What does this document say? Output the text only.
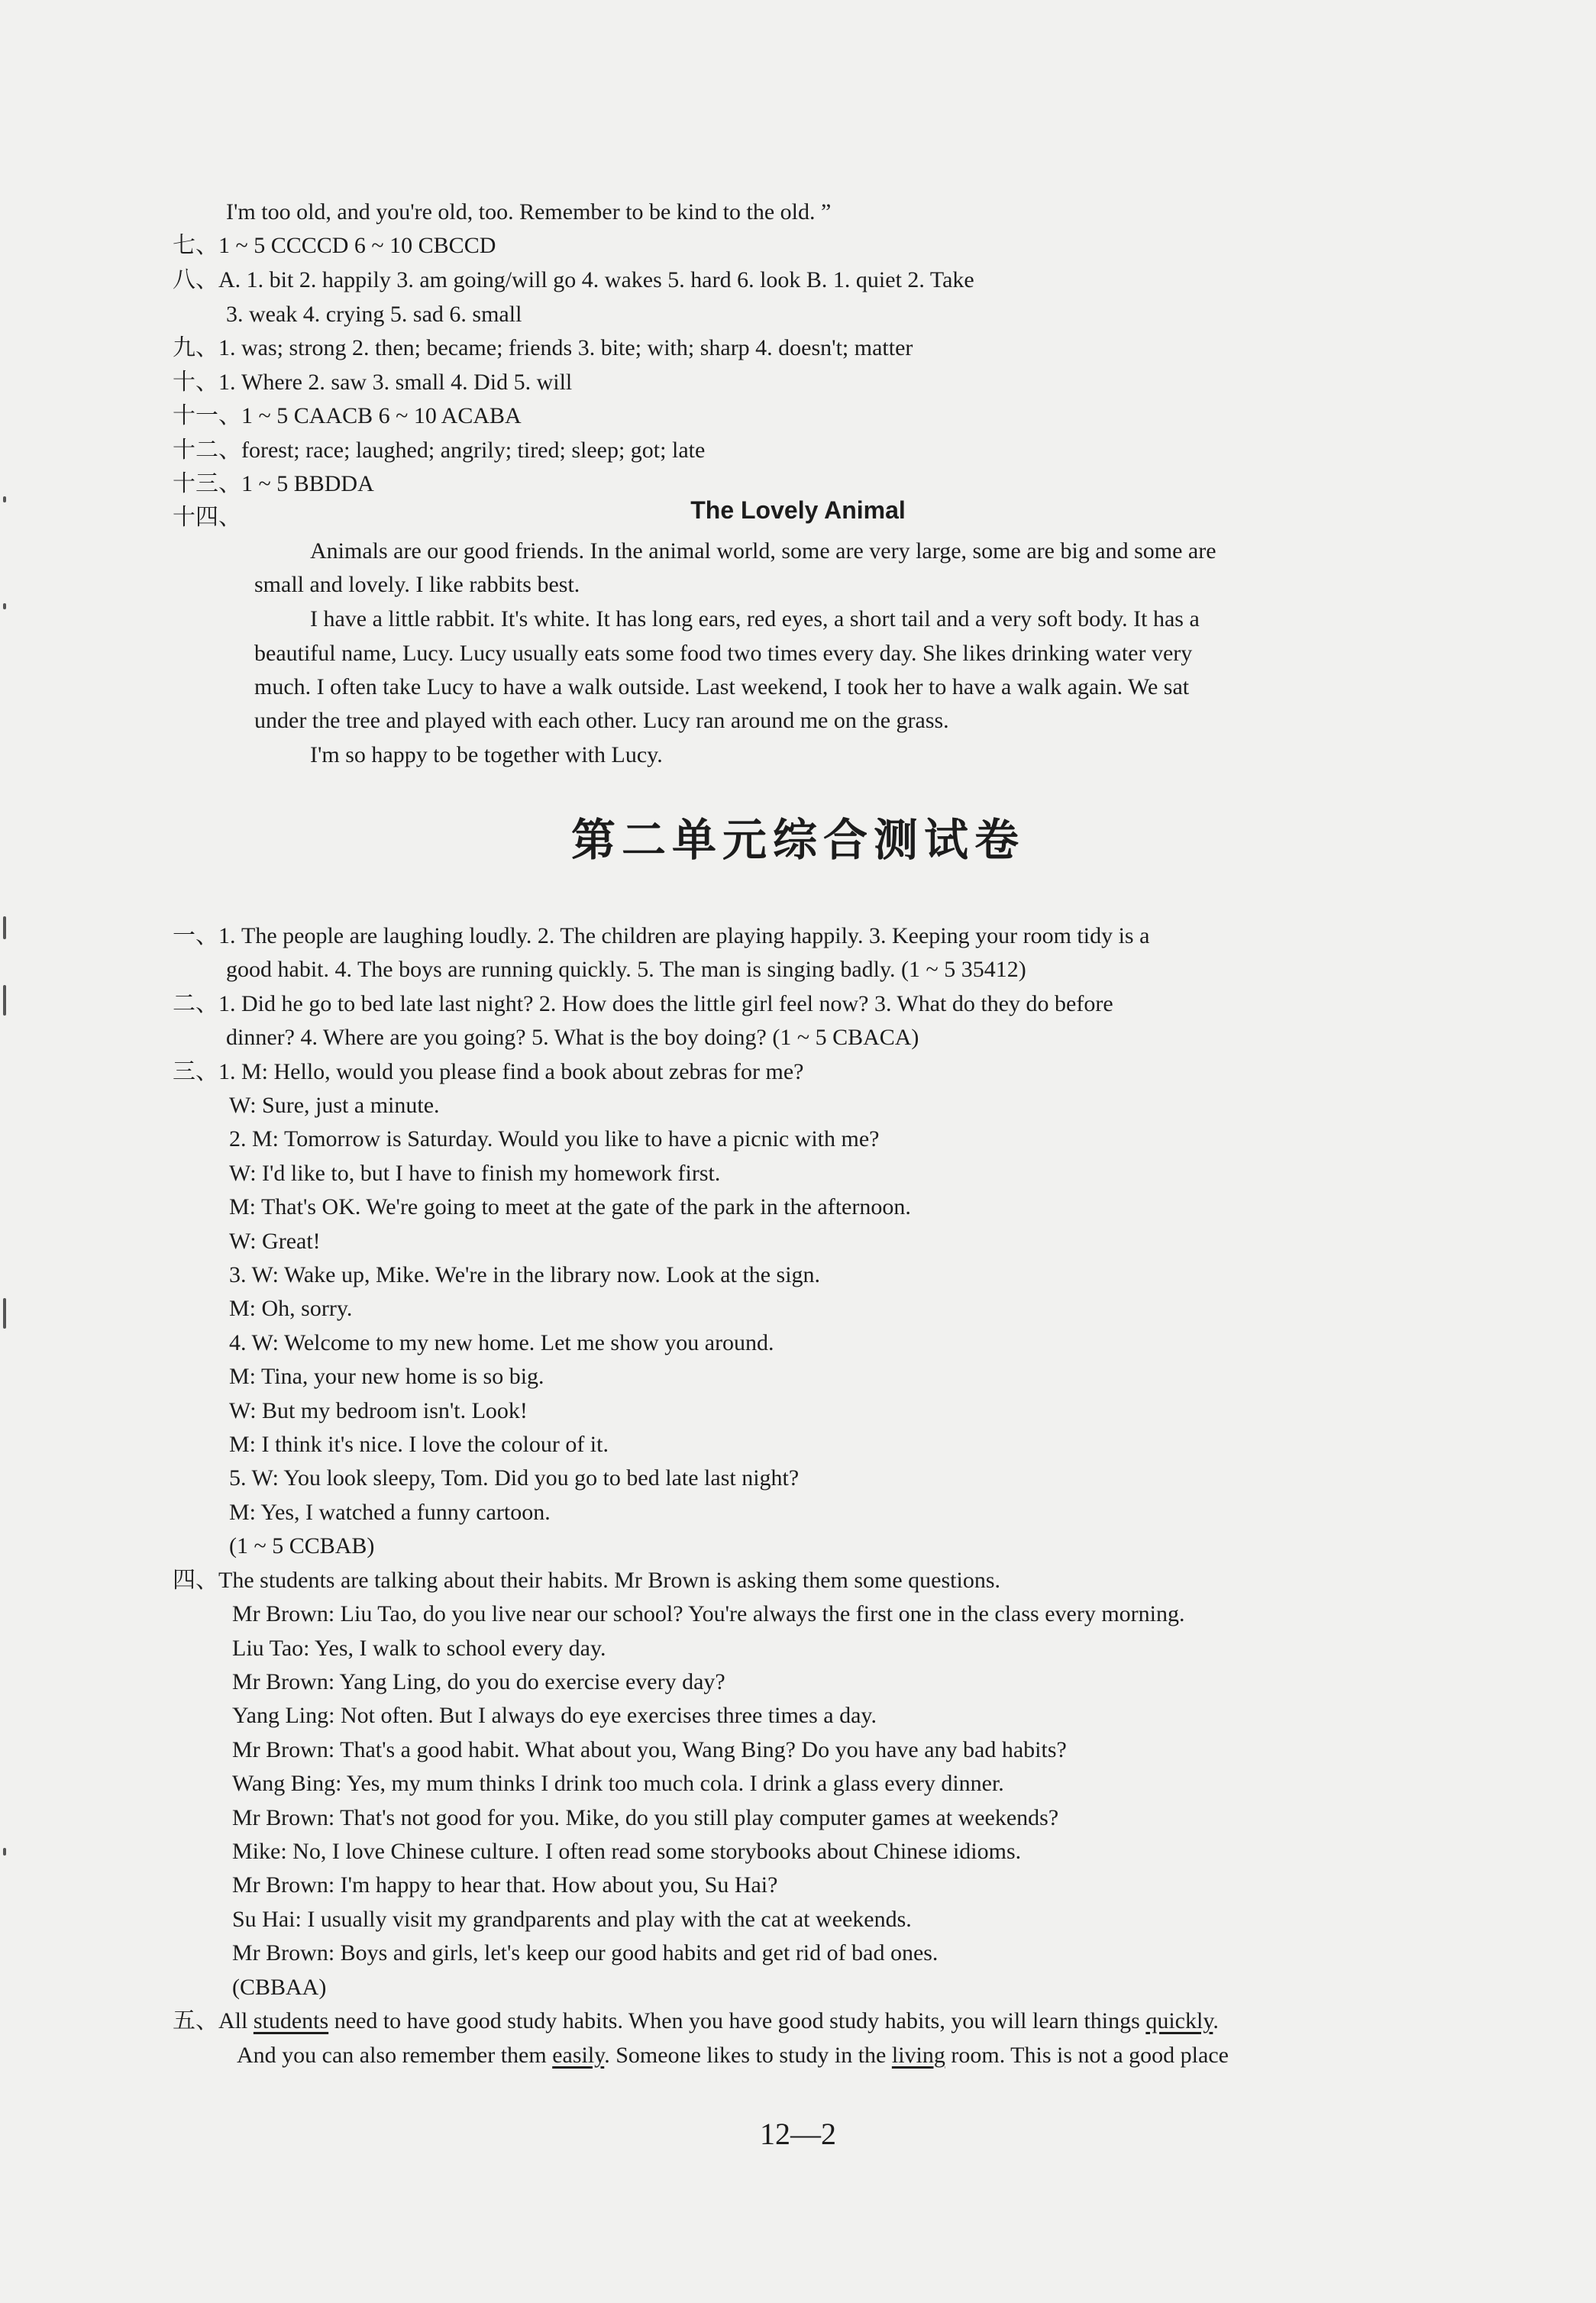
I'm too old, and you're old, too. Remember to be kind to the old. ”
七、1 ~ 5 CCCCD 6 ~ 10 CBCCD
八、A. 1. bit 2. happily 3. am going/will go 4. wakes 5. hard 6. look B. 1. quiet 2. Take
3. weak 4. crying 5. sad 6. small
九、1. was; strong 2. then; became; friends 3. bite; with; sharp 4. doesn't; matter
十、1. Where 2. saw 3. small 4. Did 5. will
十一、1 ~ 5 CAACB 6 ~ 10 ACABA
十二、forest; race; laughed; angrily; tired; sleep; got; late
十三、1 ~ 5 BBDDA
十四、	The Lovely Animal
Animals are our good friends. In the animal world, some are very large, some are big and some are
small and lovely. I like rabbits best.
I have a little rabbit. It's white. It has long ears, red eyes, a short tail and a very soft body. It has a
beautiful name, Lucy. Lucy usually eats some food two times every day. She likes drinking water very
much. I often take Lucy to have a walk outside. Last weekend, I took her to have a walk again. We sat
under the tree and played with each other. Lucy ran around me on the grass.
I'm so happy to be together with Lucy.
第二单元综合测试卷
一、1. The people are laughing loudly. 2. The children are playing happily. 3. Keeping your room tidy is a
good habit. 4. The boys are running quickly. 5. The man is singing badly. (1 ~ 5 35412)
二、1. Did he go to bed late last night? 2. How does the little girl feel now? 3. What do they do before
dinner? 4. Where are you going? 5. What is the boy doing? (1 ~ 5 CBACA)
三、1. M: Hello, would you please find a book about zebras for me?
W: Sure, just a minute.
2. M: Tomorrow is Saturday. Would you like to have a picnic with me?
W: I'd like to, but I have to finish my homework first.
M: That's OK. We're going to meet at the gate of the park in the afternoon.
W: Great!
3. W: Wake up, Mike. We're in the library now. Look at the sign.
M: Oh, sorry.
4. W: Welcome to my new home. Let me show you around.
M: Tina, your new home is so big.
W: But my bedroom isn't. Look!
M: I think it's nice. I love the colour of it.
5. W: You look sleepy, Tom. Did you go to bed late last night?
M: Yes, I watched a funny cartoon.
(1 ~ 5 CCBAB)
四、The students are talking about their habits. Mr Brown is asking them some questions.
Mr Brown: Liu Tao, do you live near our school? You're always the first one in the class every morning.
Liu Tao: Yes, I walk to school every day.
Mr Brown: Yang Ling, do you do exercise every day?
Yang Ling: Not often. But I always do eye exercises three times a day.
Mr Brown: That's a good habit. What about you, Wang Bing? Do you have any bad habits?
Wang Bing: Yes, my mum thinks I drink too much cola. I drink a glass every dinner.
Mr Brown: That's not good for you. Mike, do you still play computer games at weekends?
Mike: No, I love Chinese culture. I often read some storybooks about Chinese idioms.
Mr Brown: I'm happy to hear that. How about you, Su Hai?
Su Hai: I usually visit my grandparents and play with the cat at weekends.
Mr Brown: Boys and girls, let's keep our good habits and get rid of bad ones.
(CBBAA)
五、All students need to have good study habits. When you have good study habits, you will learn things quickly.
And you can also remember them easily. Someone likes to study in the living room. This is not a good place
12—2
